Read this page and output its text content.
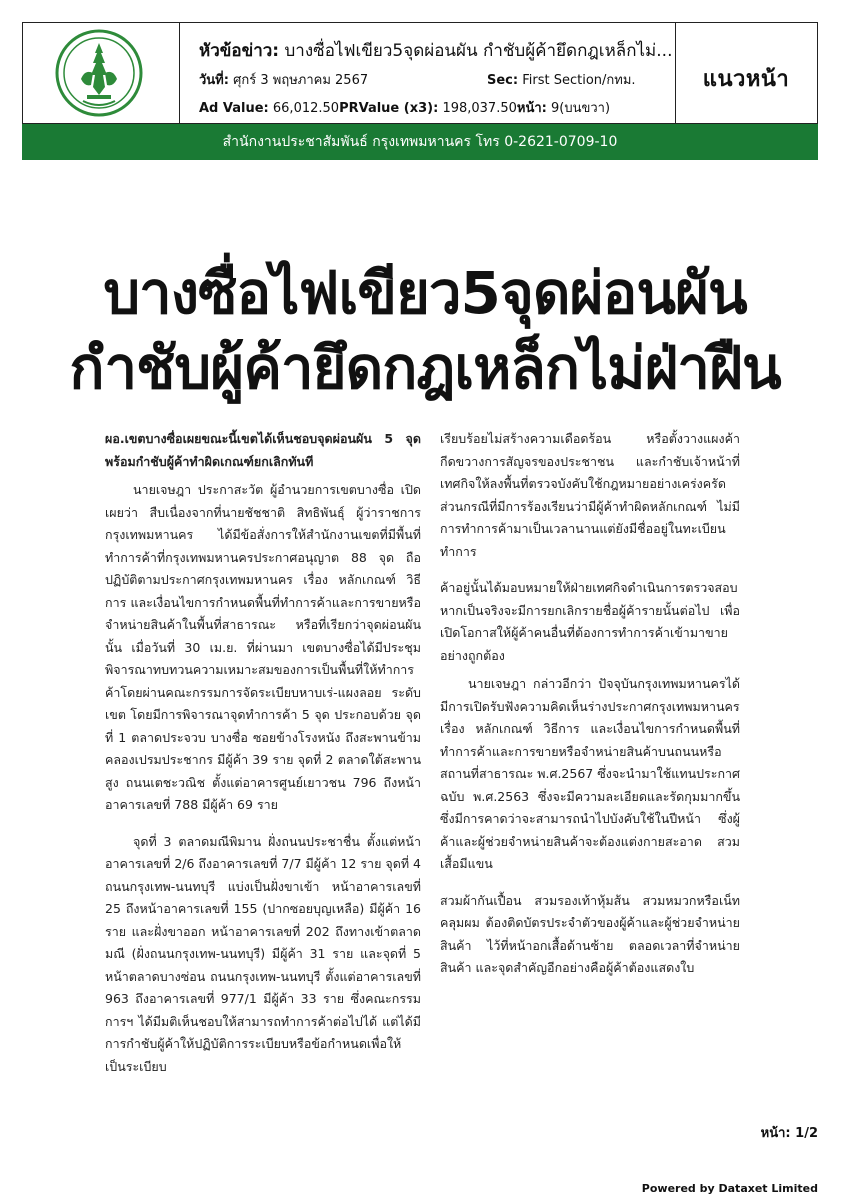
หัวข้อข่าว: บางซื่อไฟเขียว5จุดผ่อนผัน กำชับผู้ค้ายึดกฎเหล็กไม่...
วันที่: ศุกร์ 3 พฤษภาคม 2567	Sec: First Section/กทม.
Ad Value: 66,012.50PRValue (x3): 198,037.50หน้า: 9(บนขวา)
แนวหน้า
สำนักงานประชาสัมพันธ์ กรุงเทพมหานคร โทร 0-2621-0709-10
บางซื่อไฟเขียว5จุดผ่อนผัน
กำชับผู้ค้ายึดกฎเหล็กไม่ฝ่าฝืน

ผอ.เขตบางซื่อเผยขณะนี้เขตได้เห็นชอบจุดผ่อนผัน 5 จุด พร้อมกำชับผู้ค้าทำผิดเกณฑ์ยกเลิกทันที

นายเจษฎา ประกาสะวัต ผู้อำนวยการเขตบางซื่อ เปิดเผยว่า สืบเนื่องจากที่นายชัชชาติ สิทธิพันธุ์ ผู้ว่าราชการกรุงเทพมหานคร ได้มีข้อสั่งการให้สำนักงานเขตที่มีพื้นที่ทำการค้าที่กรุงเทพมหานครประกาศอนุญาต 88 จุด ถือปฏิบัติตามประกาศกรุงเทพมหานคร เรื่อง หลักเกณฑ์ วิธีการ และเงื่อนไขการกำหนดพื้นที่ทำการค้าและการขายหรือจำหน่ายสินค้าในพื้นที่สาธารณะ หรือที่เรียกว่าจุดผ่อนผันนั้น เมื่อวันที่ 30 เม.ย. ที่ผ่านมา เขตบางซื่อได้มีประชุมพิจารณาทบทวนความเหมาะสมของการเป็นพื้นที่ให้ทำการค้าโดยผ่านคณะกรรมการจัดระเบียบหาบเร่-แผงลอย ระดับเขต โดยมีการพิจารณาจุดทำการค้า 5 จุด ประกอบด้วย จุดที่ 1 ตลาดประจวบ บางซื่อ ซอยข้างโรงหนัง ถึงสะพานข้ามคลองเปรมประชากร มีผู้ค้า 39 ราย จุดที่ 2 ตลาดใต้สะพานสูง ถนนเตชะวณิช ตั้งแต่อาคารศูนย์เยาวชน 796 ถึงหน้าอาคารเลขที่ 788 มีผู้ค้า 69 ราย

จุดที่ 3 ตลาดมณีพิมาน ฝั่งถนนประชาชื่น ตั้งแต่หน้าอาคารเลขที่ 2/6 ถึงอาคารเลขที่ 7/7 มีผู้ค้า 12 ราย จุดที่ 4 ถนนกรุงเทพ-นนทบุรี แบ่งเป็นฝั่งขาเข้า หน้าอาคารเลขที่ 25 ถึงหน้าอาคารเลขที่ 155 (ปากซอยบุญเหลือ) มีผู้ค้า 16 ราย และฝั่งขาออก หน้าอาคารเลขที่ 202 ถึงทางเข้าตลาดมณี (ฝั่งถนนกรุงเทพ-นนทบุรี) มีผู้ค้า 31 ราย และจุดที่ 5 หน้าตลาดบางซ่อน ถนนกรุงเทพ-นนทบุรี ตั้งแต่อาคารเลขที่ 963 ถึงอาคารเลขที่ 977/1 มีผู้ค้า 33 ราย ซึ่งคณะกรรมการฯ ได้มีมติเห็นชอบให้สามารถทำการค้าต่อไปได้ แต่ได้มีการกำชับผู้ค้าให้ปฏิบัติการระเบียบหรือข้อกำหนดเพื่อให้เป็นระเบียบ

เรียบร้อยไม่สร้างความเดือดร้อน หรือตั้งวางแผงค้ากีดขวางการสัญจรของประชาชน และกำชับเจ้าหน้าที่เทศกิจให้ลงพื้นที่ตรวจบังคับใช้กฎหมายอย่างเคร่งครัด ส่วนกรณีที่มีการร้องเรียนว่ามีผู้ค้าทำผิดหลักเกณฑ์ ไม่มีการทำการค้ามาเป็นเวลานานแต่ยังมีชื่ออยู่ในทะเบียนทำการ

ค้าอยู่นั้นได้มอบหมายให้ฝ่ายเทศกิจดำเนินการตรวจสอบ หากเป็นจริงจะมีการยกเลิกรายชื่อผู้ค้ารายนั้นต่อไป เพื่อเปิดโอกาสให้ผู้ค้าคนอื่นที่ต้องการทำการค้าเข้ามาขายอย่างถูกต้อง

นายเจษฎา กล่าวอีกว่า ปัจจุบันกรุงเทพมหานครได้มีการเปิดรับฟังความคิดเห็นร่างประกาศกรุงเทพมหานคร เรื่อง หลักเกณฑ์ วิธีการ และเงื่อนไขการกำหนดพื้นที่ทำการค้าและการขายหรือจำหน่ายสินค้าบนถนนหรือสถานที่สาธารณะ พ.ศ.2567 ซึ่งจะนำมาใช้แทนประกาศฉบับ พ.ศ.2563 ซึ่งจะมีความละเอียดและรัดกุมมากขึ้น ซึ่งมีการคาดว่าจะสามารถนำไปบังคับใช้ในปีหน้า ซึ่งผู้ค้าและผู้ช่วยจำหน่ายสินค้าจะต้องแต่งกายสะอาด สวมเสื้อมีแขน

สวมผ้ากันเปื้อน สวมรองเท้าหุ้มส้น สวมหมวกหรือเน็ทคลุมผม ต้องติดบัตรประจำตัวของผู้ค้าและผู้ช่วยจำหน่ายสินค้า ไว้ที่หน้าอกเสื้อด้านซ้าย ตลอดเวลาที่จำหน่ายสินค้า และจุดสำคัญอีกอย่างคือผู้ค้าต้องแสดงใบ

หน้า: 1/2
Powered by Dataxet Limited
